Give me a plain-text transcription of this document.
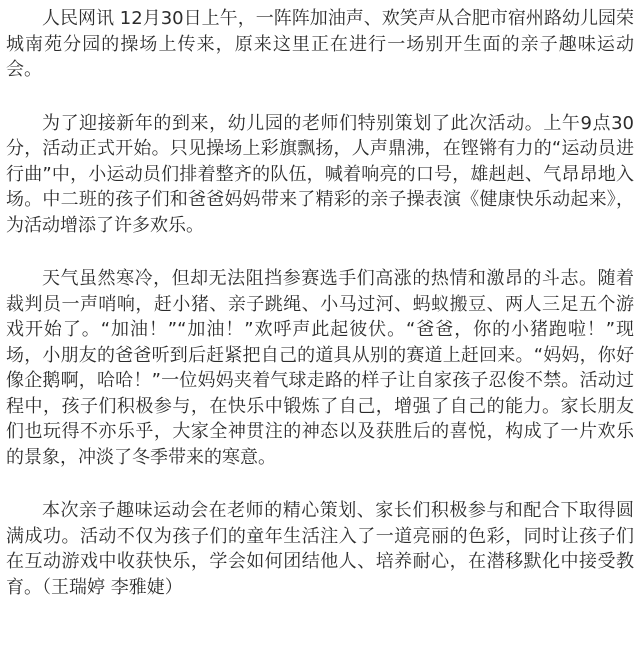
人民网讯 12月30日上午，一阵阵加油声、欢笑声从合肥市宿州路幼儿园荣城南苑分园的操场上传来，原来这里正在进行一场别开生面的亲子趣味运动会。

为了迎接新年的到来，幼儿园的老师们特别策划了此次活动。上午9点30分，活动正式开始。只见操场上彩旗飘扬，人声鼎沸，在铿锵有力的“运动员进行曲”中，小运动员们排着整齐的队伍，喊着响亮的口号，雄赳赳、气昂昂地入场。中二班的孩子们和爸爸妈妈带来了精彩的亲子操表演《健康快乐动起来》，为活动增添了许多欢乐。

天气虽然寒冷，但却无法阻挡参赛选手们高涨的热情和激昂的斗志。随着裁判员一声哨响，赶小猪、亲子跳绳、小马过河、蚂蚁搬豆、两人三足五个游戏开始了。“加油！”“加油！”欢呼声此起彼伏。“爸爸，你的小猪跑啦！”现场，小朋友的爸爸听到后赶紧把自己的道具从别的赛道上赶回来。“妈妈，你好像企鹅啊，哈哈！”一位妈妈夹着气球走路的样子让自家孩子忍俊不禁。活动过程中，孩子们积极参与，在快乐中锻炼了自己，增强了自己的能力。家长朋友们也玩得不亦乐乎，大家全神贯注的神态以及获胜后的喜悦，构成了一片欢乐的景象，冲淡了冬季带来的寒意。

本次亲子趣味运动会在老师的精心策划、家长们积极参与和配合下取得圆满成功。活动不仅为孩子们的童年生活注入了一道亮丽的色彩，同时让孩子们在互动游戏中收获快乐，学会如何团结他人、培养耐心，在潜移默化中接受教育。（王瑞婷 李雅婕）
